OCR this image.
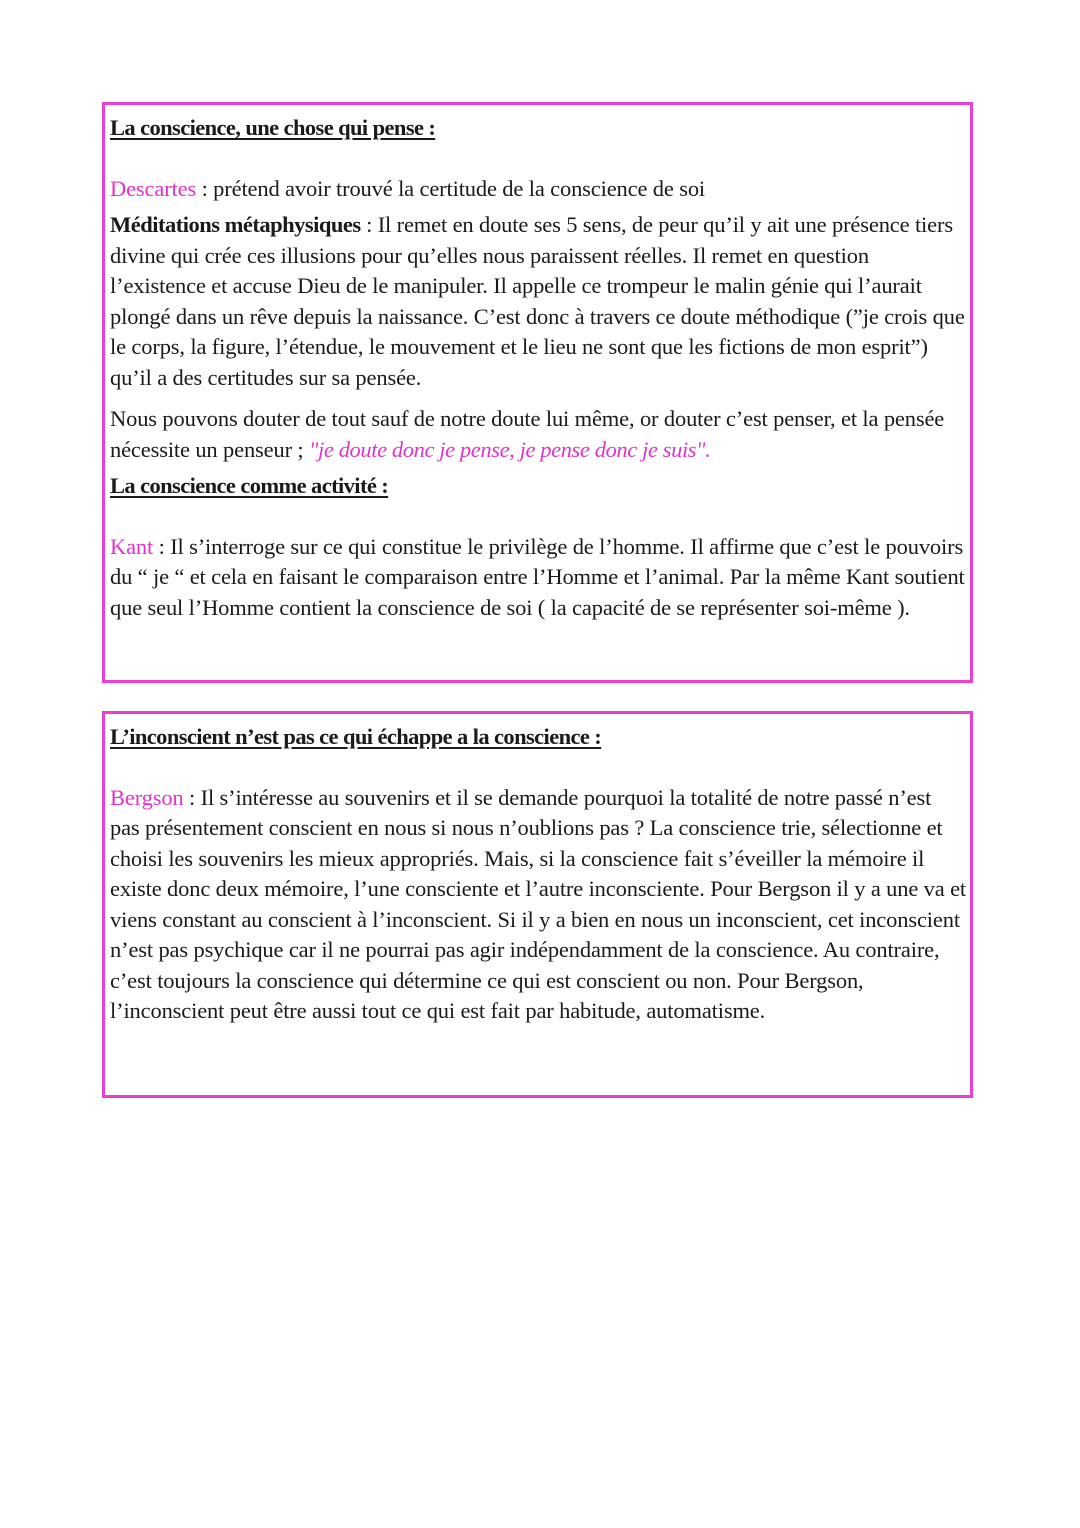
La conscience, une chose qui pense :

Descartes : prétend avoir trouvé la certitude de la conscience de soi

Méditations métaphysiques : Il remet en doute ses 5 sens, de peur qu’il y ait une présence tiers divine qui crée ces illusions pour qu’elles nous paraissent réelles. Il remet en question l’existence et accuse Dieu de le manipuler. Il appelle ce trompeur le malin génie qui l’aurait plongé dans un rêve depuis la naissance. C’est donc à travers ce doute méthodique (”je crois que le corps, la figure, l’étendue, le mouvement et le lieu ne sont que les fictions de mon esprit”) qu’il a des certitudes sur sa pensée.

Nous pouvons douter de tout sauf de notre doute lui même, or douter c’est penser, et la pensée nécessite un penseur ; "je doute donc je pense, je pense donc je suis".

La conscience comme activité :

Kant : Il s’interroge sur ce qui constitue le privilège de l’homme. Il affirme que c’est le pouvoirs du “ je “ et cela en faisant le comparaison entre l’Homme et l’animal. Par la même Kant soutient que seul l’Homme contient la conscience de soi ( la capacité de se représenter soi-même ).

L’inconscient n’est pas ce qui échappe a la conscience :

Bergson : Il s’intéresse au souvenirs et il se demande pourquoi la totalité de notre passé n’est pas présentement conscient en nous si nous n’oublions pas ? La conscience trie, sélectionne et choisi les souvenirs les mieux appropriés. Mais, si la conscience fait s’éveiller la mémoire il existe donc deux mémoire, l’une consciente et l’autre inconsciente. Pour Bergson il y a une va et viens constant au conscient à l’inconscient. Si il y a bien en nous un inconscient, cet inconscient n’est pas psychique car il ne pourrai pas agir indépendamment de la conscience. Au contraire, c’est toujours la conscience qui détermine ce qui est conscient ou non. Pour Bergson, l’inconscient peut être aussi tout ce qui est fait par habitude, automatisme.
